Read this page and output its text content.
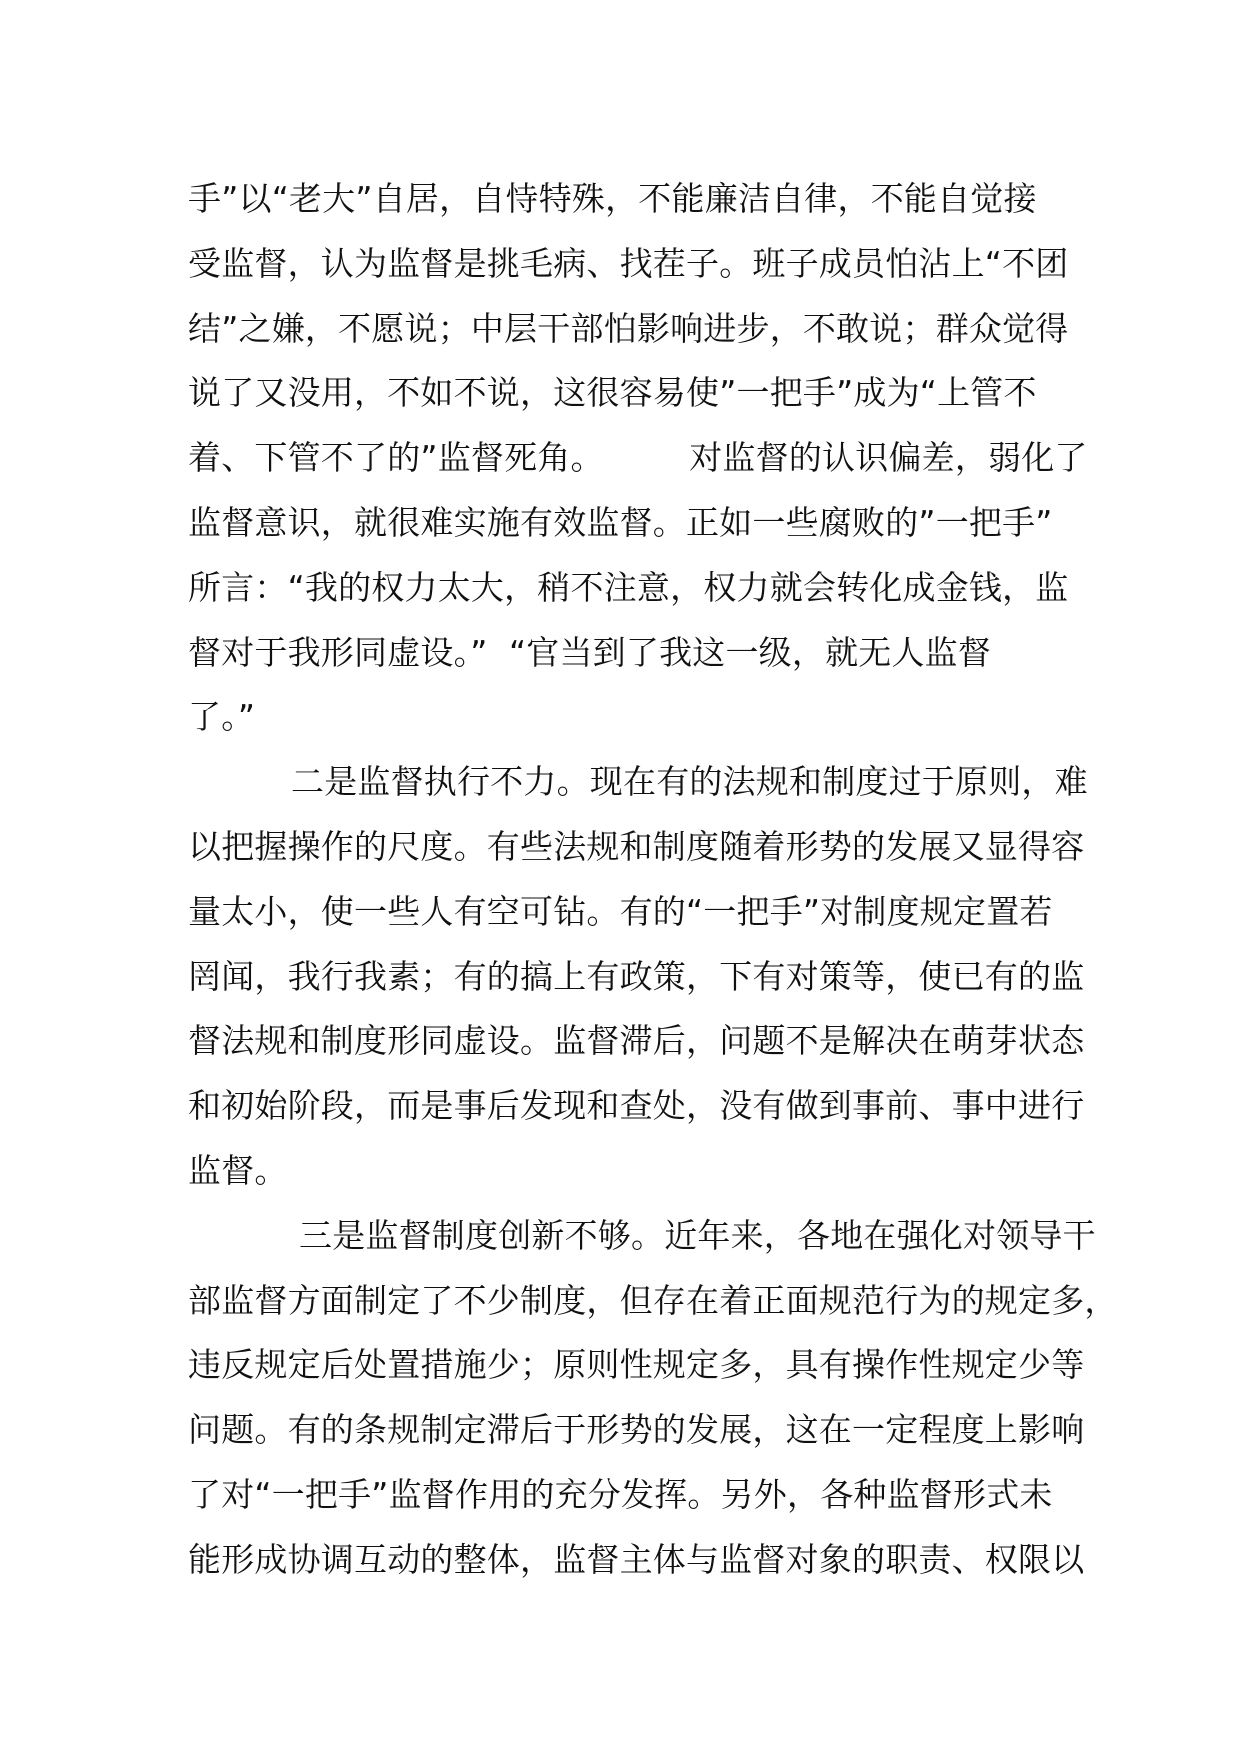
手”以“老大”自居，自恃特殊，不能廉洁自律，不能自觉接
受监督，认为监督是挑毛病、找茬子。班子成员怕沾上“不团
结”之嫌，不愿说；中层干部怕影响进步，不敢说；群众觉得
说了又没用，不如不说，这很容易使”一把手”成为“上管不
着、下管不了的”监督死角。        对监督的认识偏差，弱化了
监督意识，就很难实施有效监督。正如一些腐败的”一把手”
所言：“我的权力太大，稍不注意，权力就会转化成金钱，监
督对于我形同虚设。”  “官当到了我这一级，就无人监督
了。”
二是监督执行不力。现在有的法规和制度过于原则，难
以把握操作的尺度。有些法规和制度随着形势的发展又显得容
量太小，使一些人有空可钻。有的“一把手”对制度规定置若
罔闻，我行我素；有的搞上有政策，下有对策等，使已有的监
督法规和制度形同虚设。监督滞后，问题不是解决在萌芽状态
和初始阶段，而是事后发现和查处，没有做到事前、事中进行
监督。
三是监督制度创新不够。近年来，各地在强化对领导干
部监督方面制定了不少制度，但存在着正面规范行为的规定多，
违反规定后处置措施少；原则性规定多，具有操作性规定少等
问题。有的条规制定滞后于形势的发展，这在一定程度上影响
了对“一把手”监督作用的充分发挥。另外，各种监督形式未
能形成协调互动的整体，监督主体与监督对象的职责、权限以
